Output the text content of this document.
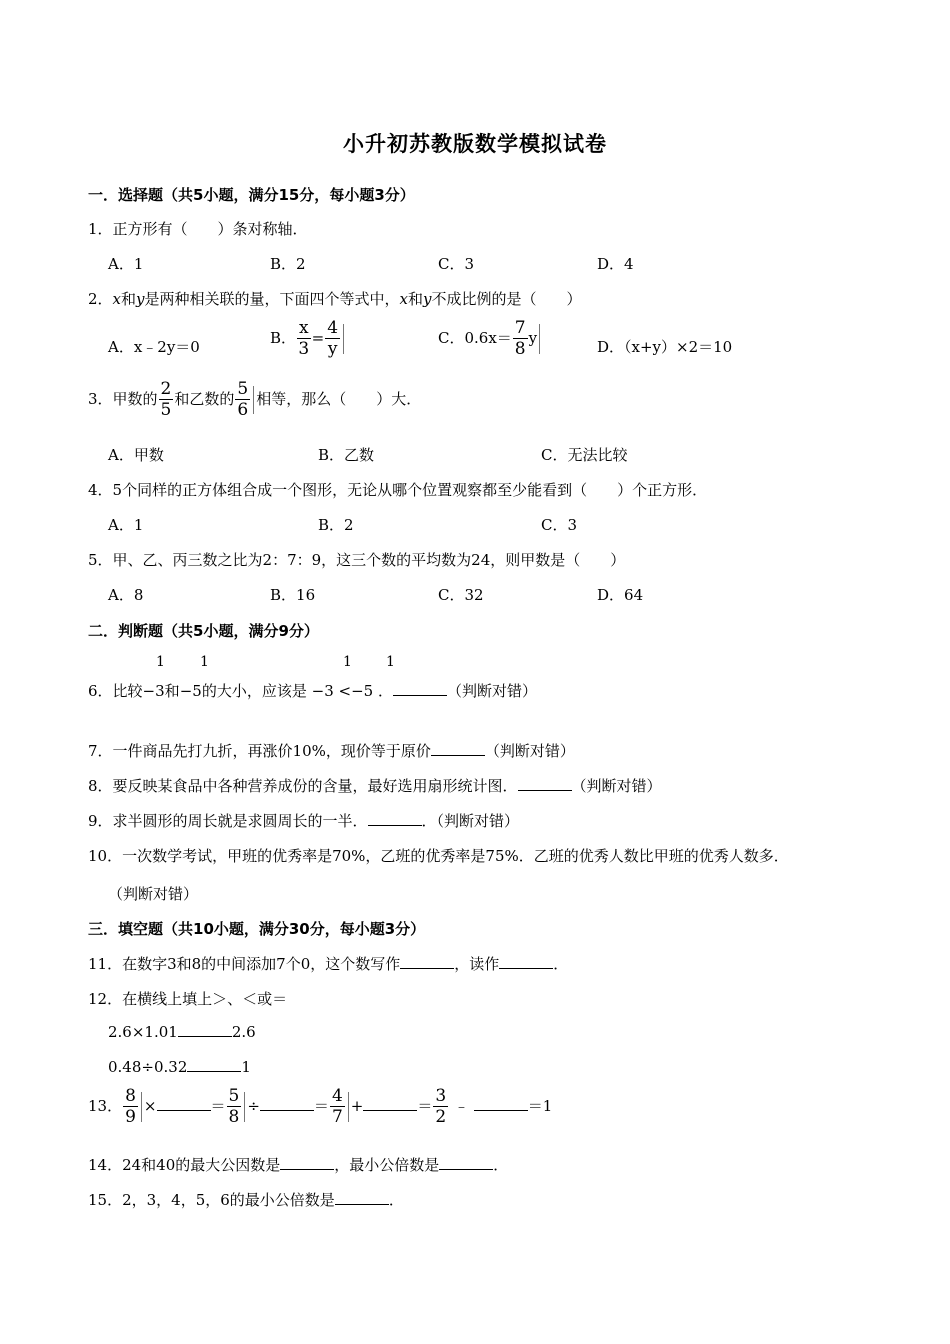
小升初苏教版数学模拟试卷
一．选择题（共5小题，满分15分，每小题3分）
1．正方形有（　　）条对称轴．
A．1	B．2	C．3	D．4
2．x和y是两种相关联的量，下面四个等式中，x和y不成比例的是（　　）
A．x﹣2y＝0	B． $\frac{x}{3} = \frac{4}{y}$	C．$0.6x= \frac{7}{8}$ y	D．（x+y）×2＝10
3．甲数的 $\frac{2}{5}$ 和乙数的 $\frac{5}{6}$ 相等，那么（　　）大．
A．甲数	B．乙数	C．无法比较
4．5个同样的正方体组合成一个图形，无论从哪个位置观察都至少能看到（　　）个正方形．
A．1	B．2	C．3
5．甲、乙、丙三数之比为2：7：9，这三个数的平均数为24，则甲数是（　　）
A．8	B．16	C．32	D．64
二．判断题（共5小题，满分9分）
1	1	1 1
6．比较−3和−5的大小，应该是 −3 <−5 ．	（判断对错）
7．一件商品先打九折，再涨价10%，现价等于原价	（判断对错）
8．要反映某食品中各种营养成份的含量，最好选用扇形统计图．	（判断对错）
9．求半圆形的周长就是求圆周长的一半．	．（判断对错）
10．一次数学考试，甲班的优秀率是70%，乙班的优秀率是75%．乙班的优秀人数比甲班的优秀人数多．
（判断对错）
三．填空题（共10小题，满分30分，每小题3分）
11．在数字3和8的中间添加7个0，这个数写作	，读作	．
12．在横线上填上＞、＜或＝
2.6×1.01	2.6
0.48÷0.32	1
13． $\frac{8}{9}$ ×	＝ $\frac{5}{8}$ ÷	＝ $\frac{4}{7}$ +	＝ $\frac{3}{2}$ ﹣	＝1
14．24和40的最大公因数是	，最小公倍数是	．
15．2，3，4，5，6的最小公倍数是	．
